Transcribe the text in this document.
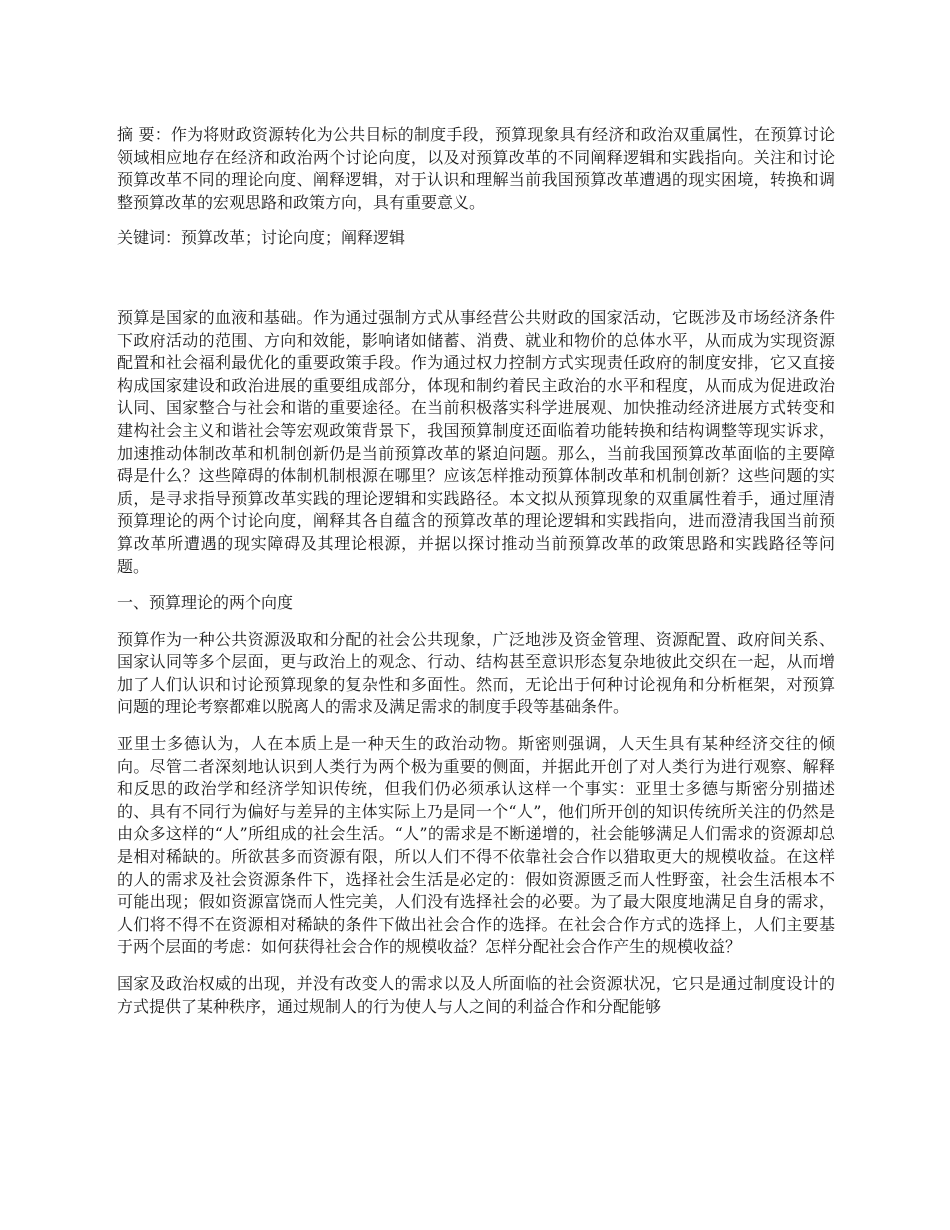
摘 要：作为将财政资源转化为公共目标的制度手段，预算现象具有经济和政治双重属性，在预算讨论领域相应地存在经济和政治两个讨论向度，以及对预算改革的不同阐释逻辑和实践指向。关注和讨论预算改革不同的理论向度、阐释逻辑，对于认识和理解当前我国预算改革遭遇的现实困境，转换和调整预算改革的宏观思路和政策方向，具有重要意义。

关键词：预算改革；讨论向度；阐释逻辑

预算是国家的血液和基础。作为通过强制方式从事经营公共财政的国家活动，它既涉及市场经济条件下政府活动的范围、方向和效能，影响诸如储蓄、消费、就业和物价的总体水平，从而成为实现资源配置和社会福利最优化的重要政策手段。作为通过权力控制方式实现责任政府的制度安排，它又直接构成国家建设和政治进展的重要组成部分，体现和制约着民主政治的水平和程度，从而成为促进政治认同、国家整合与社会和谐的重要途径。在当前积极落实科学进展观、加快推动经济进展方式转变和建构社会主义和谐社会等宏观政策背景下，我国预算制度还面临着功能转换和结构调整等现实诉求，加速推动体制改革和机制创新仍是当前预算改革的紧迫问题。那么，当前我国预算改革面临的主要障碍是什么？这些障碍的体制机制根源在哪里？应该怎样推动预算体制改革和机制创新？这些问题的实质，是寻求指导预算改革实践的理论逻辑和实践路径。本文拟从预算现象的双重属性着手，通过厘清预算理论的两个讨论向度，阐释其各自蕴含的预算改革的理论逻辑和实践指向，进而澄清我国当前预算改革所遭遇的现实障碍及其理论根源，并据以探讨推动当前预算改革的政策思路和实践路径等问题。

一、预算理论的两个向度

预算作为一种公共资源汲取和分配的社会公共现象，广泛地涉及资金管理、资源配置、政府间关系、国家认同等多个层面，更与政治上的观念、行动、结构甚至意识形态复杂地彼此交织在一起，从而增加了人们认识和讨论预算现象的复杂性和多面性。然而，无论出于何种讨论视角和分析框架，对预算问题的理论考察都难以脱离人的需求及满足需求的制度手段等基础条件。

亚里士多德认为，人在本质上是一种天生的政治动物。斯密则强调，人天生具有某种经济交往的倾向。尽管二者深刻地认识到人类行为两个极为重要的侧面，并据此开创了对人类行为进行观察、解释和反思的政治学和经济学知识传统，但我们仍必须承认这样一个事实：亚里士多德与斯密分别描述的、具有不同行为偏好与差异的主体实际上乃是同一个“人”，他们所开创的知识传统所关注的仍然是由众多这样的“人”所组成的社会生活。“人”的需求是不断递增的，社会能够满足人们需求的资源却总是相对稀缺的。所欲甚多而资源有限，所以人们不得不依靠社会合作以猎取更大的规模收益。在这样的人的需求及社会资源条件下，选择社会生活是必定的：假如资源匮乏而人性野蛮，社会生活根本不可能出现；假如资源富饶而人性完美，人们没有选择社会的必要。为了最大限度地满足自身的需求，人们将不得不在资源相对稀缺的条件下做出社会合作的选择。在社会合作方式的选择上，人们主要基于两个层面的考虑：如何获得社会合作的规模收益？怎样分配社会合作产生的规模收益？

国家及政治权威的出现，并没有改变人的需求以及人所面临的社会资源状况，它只是通过制度设计的方式提供了某种秩序，通过规制人的行为使人与人之间的利益合作和分配能够
